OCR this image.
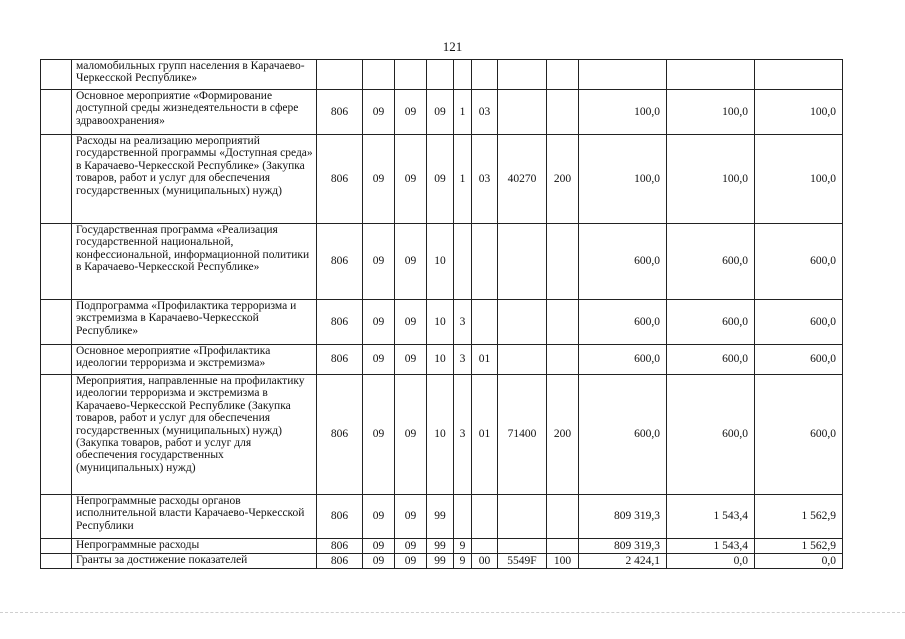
121
	маломобильных групп населения в Карачаево-Черкесской Республике»											
	Основное мероприятие «Формирование доступной среды жизнедеятельности в сфере здравоохранения»	806	09	09	09	1	03			100,0	100,0	100,0
	Расходы на реализацию мероприятий государственной программы «Доступная среда» в Карачаево-Черкесской Республике» (Закупка товаров, работ и услуг для обеспечения государственных (муниципальных) нужд)	806	09	09	09	1	03	40270	200	100,0	100,0	100,0
	Государственная программа «Реализация государственной национальной, конфессиональной, информационной политики в Карачаево-Черкесской Республике»	806	09	09	10					600,0	600,0	600,0
	Подпрограмма «Профилактика терроризма и экстремизма в Карачаево-Черкесской Республике»	806	09	09	10	3				600,0	600,0	600,0
	Основное мероприятие «Профилактика идеологии терроризма и экстремизма»	806	09	09	10	3	01			600,0	600,0	600,0
	Мероприятия, направленные на профилактику идеологии терроризма и экстремизма в Карачаево-Черкесской Республике (Закупка товаров, работ и услуг для обеспечения государственных (муниципальных) нужд) (Закупка товаров, работ и услуг для обеспечения государственных (муниципальных) нужд)	806	09	09	10	3	01	71400	200	600,0	600,0	600,0
	Непрограммные расходы органов исполнительной власти Карачаево-Черкесской Республики	806	09	09	99					809 319,3	1 543,4	1 562,9
	Непрограммные расходы	806	09	09	99	9				809 319,3	1 543,4	1 562,9
	Гранты за достижение показателей	806	09	09	99	9	00	5549F	100	2 424,1	0,0	0,0
